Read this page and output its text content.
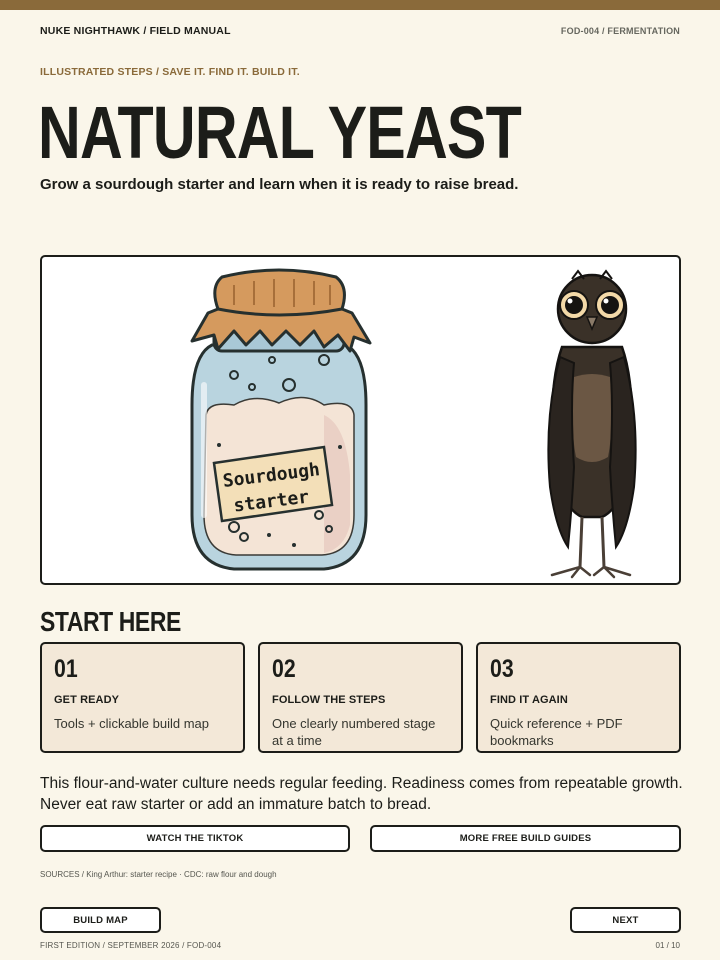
NUKE NIGHTHAWK / FIELD MANUAL	FOD-004 / FERMENTATION
ILLUSTRATED STEPS / SAVE IT. FIND IT. BUILD IT.
NATURAL YEAST
Grow a sourdough starter and learn when it is ready to raise bread.
Sourdough
starter
START HERE
01
GET READY
Tools + clickable build map
02
FOLLOW THE STEPS
One clearly numbered stage at a time
03
FIND IT AGAIN
Quick reference + PDF bookmarks

This flour-and-water culture needs regular feeding. Readiness comes from repeatable growth. Never eat raw starter or add an immature batch to bread.

WATCH THE TIKTOK	MORE FREE BUILD GUIDES
SOURCES / King Arthur: starter recipe · CDC: raw flour and dough
BUILD MAP	NEXT
FIRST EDITION / SEPTEMBER 2026 / FOD-004	01 / 10
